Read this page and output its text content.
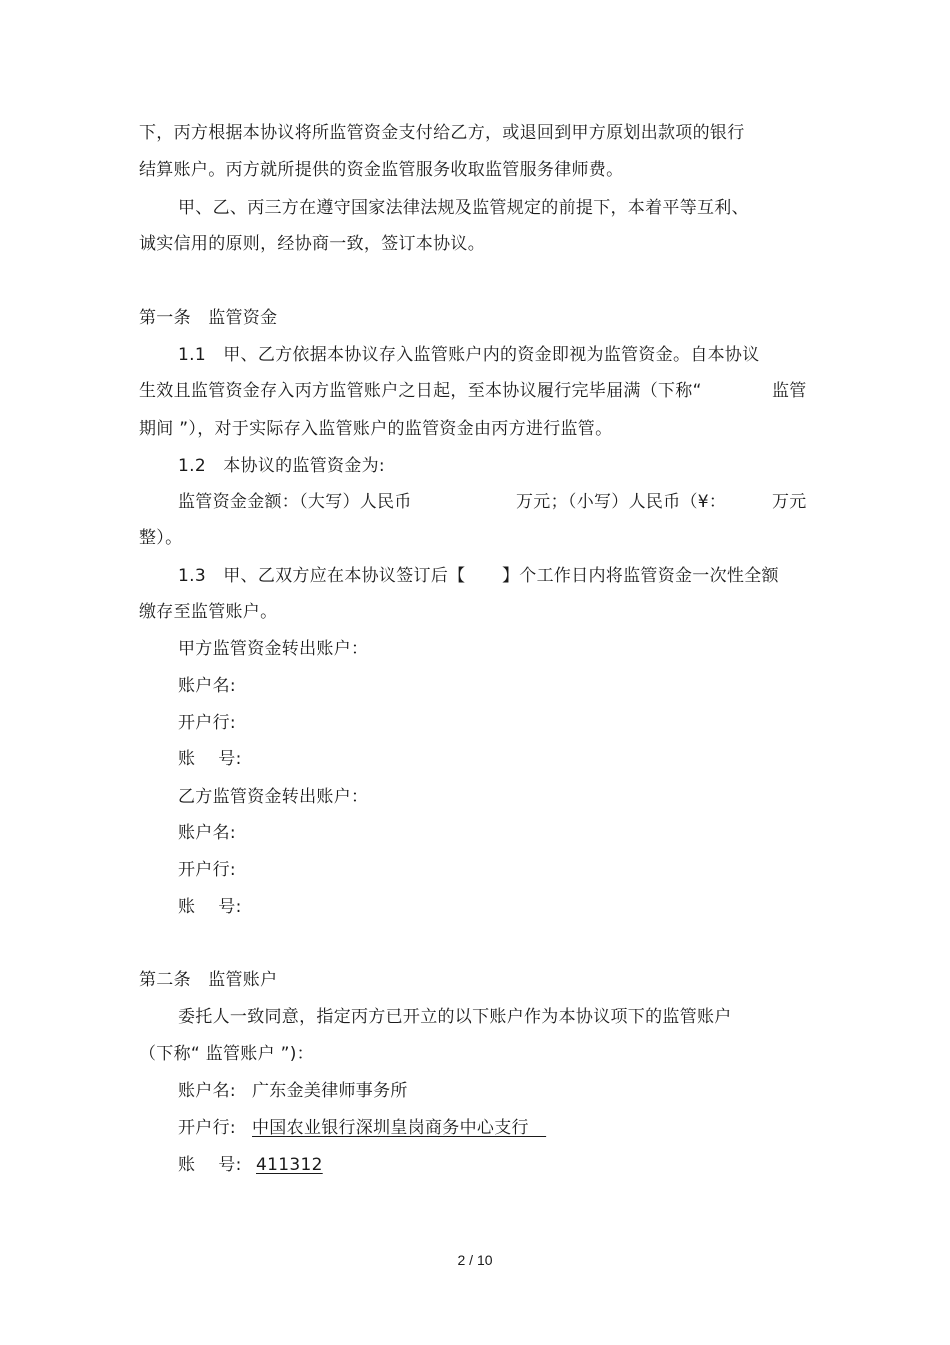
下，丙方根据本协议将所监管资金支付给乙方，或退回到甲方原划出款项的银行
结算账户。丙方就所提供的资金监管服务收取监管服务律师费。
甲、乙、丙三方在遵守国家法律法规及监管规定的前提下，本着平等互利、
诚实信用的原则，经协商一致，签订本协议。
第一条　监管资金
1.1　甲、乙方依据本协议存入监管账户内的资金即视为监管资金。自本协议
生效且监管资金存入丙方监管账户之日起，至本协议履行完毕届满（下称“	监管
期间 ”），对于实际存入监管账户的监管资金由丙方进行监管。
1.2　本协议的监管资金为:
监管资金金额：（大写）人民币	万元；（小写）人民币（¥：	万元
整）。
1.3　甲、乙双方应在本协议签订后【 】个工作日内将监管资金一次性全额
缴存至监管账户。
甲方监管资金转出账户：
账户名:
开户行:
账　 号:
乙方监管资金转出账户：
账户名:
开户行:
账　 号:
第二条　监管账户
委托人一致同意，指定丙方已开立的以下账户作为本协议项下的监管账户
（下称“ 监管账户 ”)：
账户名: 广东金美律师事务所
开户行: 中国农业银行深圳皇岗商务中心支行　
账　 号: 411312
2 / 10
